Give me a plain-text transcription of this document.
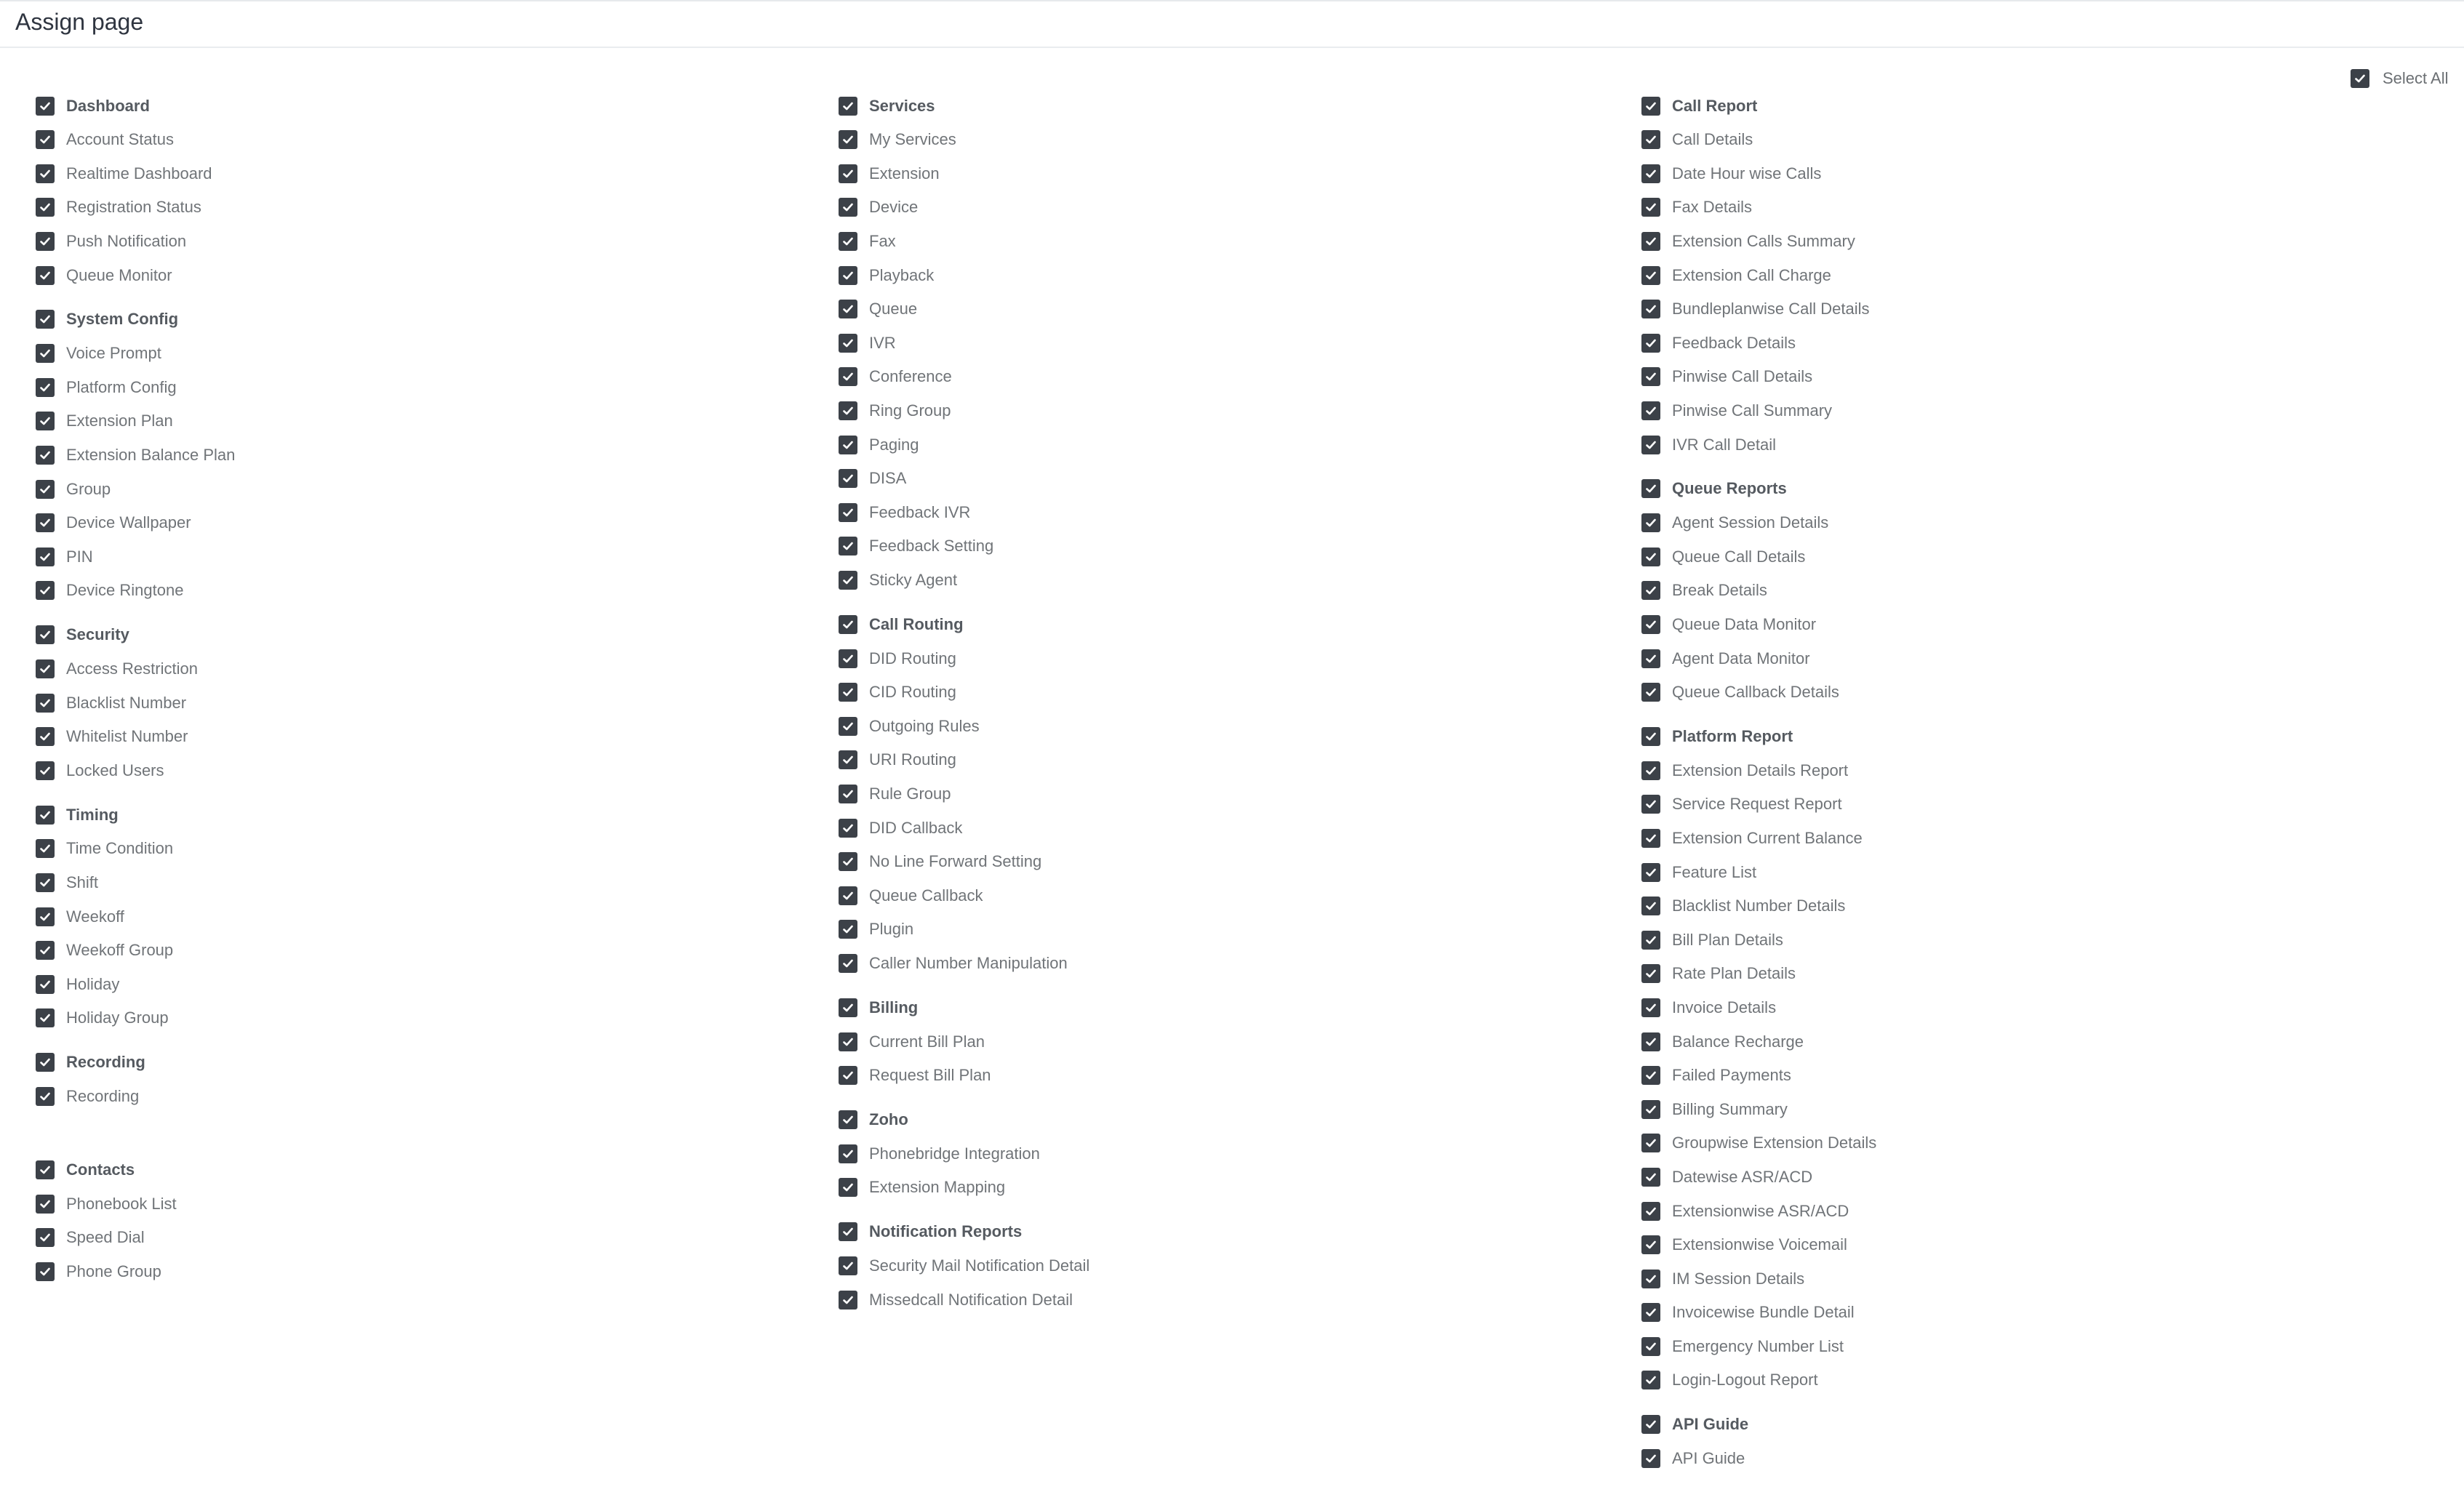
Assign page
Select All
Dashboard
Account Status
Realtime Dashboard
Registration Status
Push Notification
Queue Monitor
System Config
Voice Prompt
Platform Config
Extension Plan
Extension Balance Plan
Group
Device Wallpaper
PIN
Device Ringtone
Security
Access Restriction
Blacklist Number
Whitelist Number
Locked Users
Timing
Time Condition
Shift
Weekoff
Weekoff Group
Holiday
Holiday Group
Recording
Recording
Contacts
Phonebook List
Speed Dial
Phone Group
Services
My Services
Extension
Device
Fax
Playback
Queue
IVR
Conference
Ring Group
Paging
DISA
Feedback IVR
Feedback Setting
Sticky Agent
Call Routing
DID Routing
CID Routing
Outgoing Rules
URI Routing
Rule Group
DID Callback
No Line Forward Setting
Queue Callback
Plugin
Caller Number Manipulation
Billing
Current Bill Plan
Request Bill Plan
Zoho
Phonebridge Integration
Extension Mapping
Notification Reports
Security Mail Notification Detail
Missedcall Notification Detail
Call Report
Call Details
Date Hour wise Calls
Fax Details
Extension Calls Summary
Extension Call Charge
Bundleplanwise Call Details
Feedback Details
Pinwise Call Details
Pinwise Call Summary
IVR Call Detail
Queue Reports
Agent Session Details
Queue Call Details
Break Details
Queue Data Monitor
Agent Data Monitor
Queue Callback Details
Platform Report
Extension Details Report
Service Request Report
Extension Current Balance
Feature List
Blacklist Number Details
Bill Plan Details
Rate Plan Details
Invoice Details
Balance Recharge
Failed Payments
Billing Summary
Groupwise Extension Details
Datewise ASR/ACD
Extensionwise ASR/ACD
Extensionwise Voicemail
IM Session Details
Invoicewise Bundle Detail
Emergency Number List
Login-Logout Report
API Guide
API Guide
